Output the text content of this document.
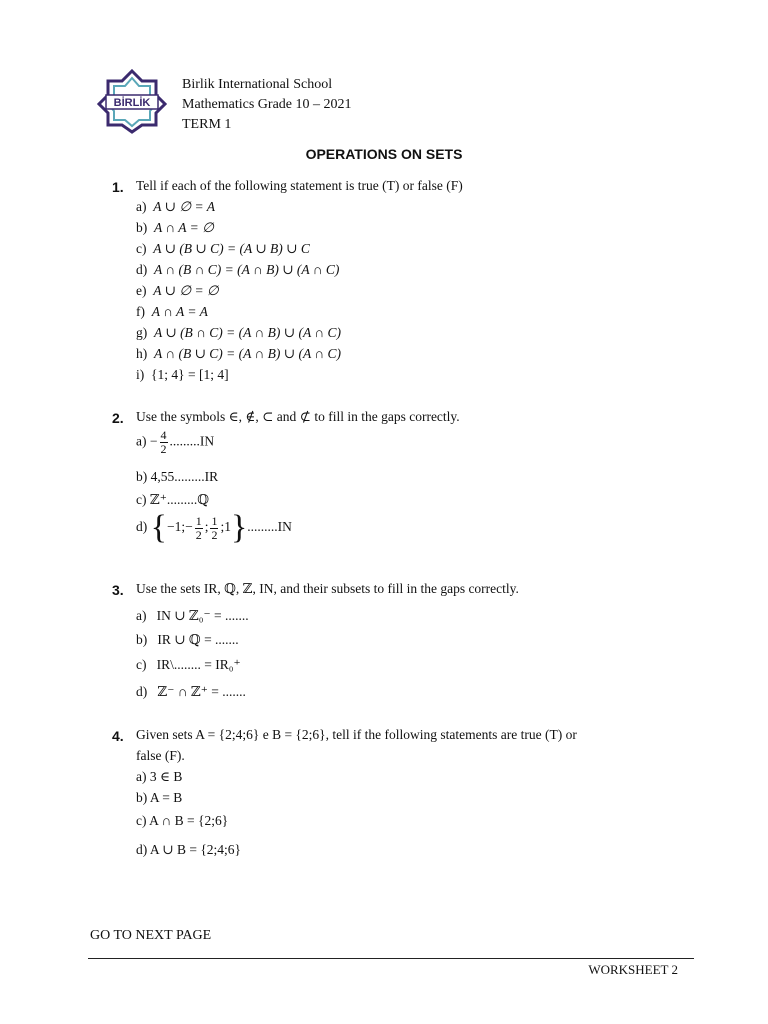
BİRLİK
Birlik International School
Mathematics Grade 10 – 2021
TERM 1
OPERATIONS ON SETS
1. Tell if each of the following statement is true (T) or false (F)
a) A ∪ ∅ = A
b) A ∩ A = ∅
c) A ∪ (B ∪ C) = (A ∪ B) ∪ C
d) A ∩ (B ∩ C) = (A ∩ B) ∪ (A ∩ C)
e) A ∪ ∅ = ∅
f) A ∩ A = A
g) A ∪ (B ∩ C) = (A ∩ B) ∪ (A ∩ C)
h) A ∩ (B ∪ C) = (A ∩ B) ∪ (A ∩ C)
i) {1; 4} = [1; 4]
2. Use the symbols ∈, ∉, ⊂ and ⊄ to fill in the gaps correctly.
$a) - \frac{4}{2} .........IN$
b) 4,55.........IR
c) ℤ⁺.........ℚ
d) {−1;− $\frac{1}{2}$ ; $\frac{1}{2}$ ;1}.........IN
3. Use the sets IR, ℚ, ℤ, IN, and their subsets to fill in the gaps correctly.
a) IN ∪ ℤ₀⁻ = .......
b) IR ∪ ℚ = .......
c) IR\........ = IR₀⁺
d) ℤ⁻ ∩ ℤ⁺ = .......
4. Given sets A = {2;4;6} e B = {2;6}, tell if the following statements are true (T) or
false (F).
a) 3 ∈ B
b) A = B
c) A ∩ B = {2;6}
d) A ∪ B = {2;4;6}
GO TO NEXT PAGE
WORKSHEET 2
